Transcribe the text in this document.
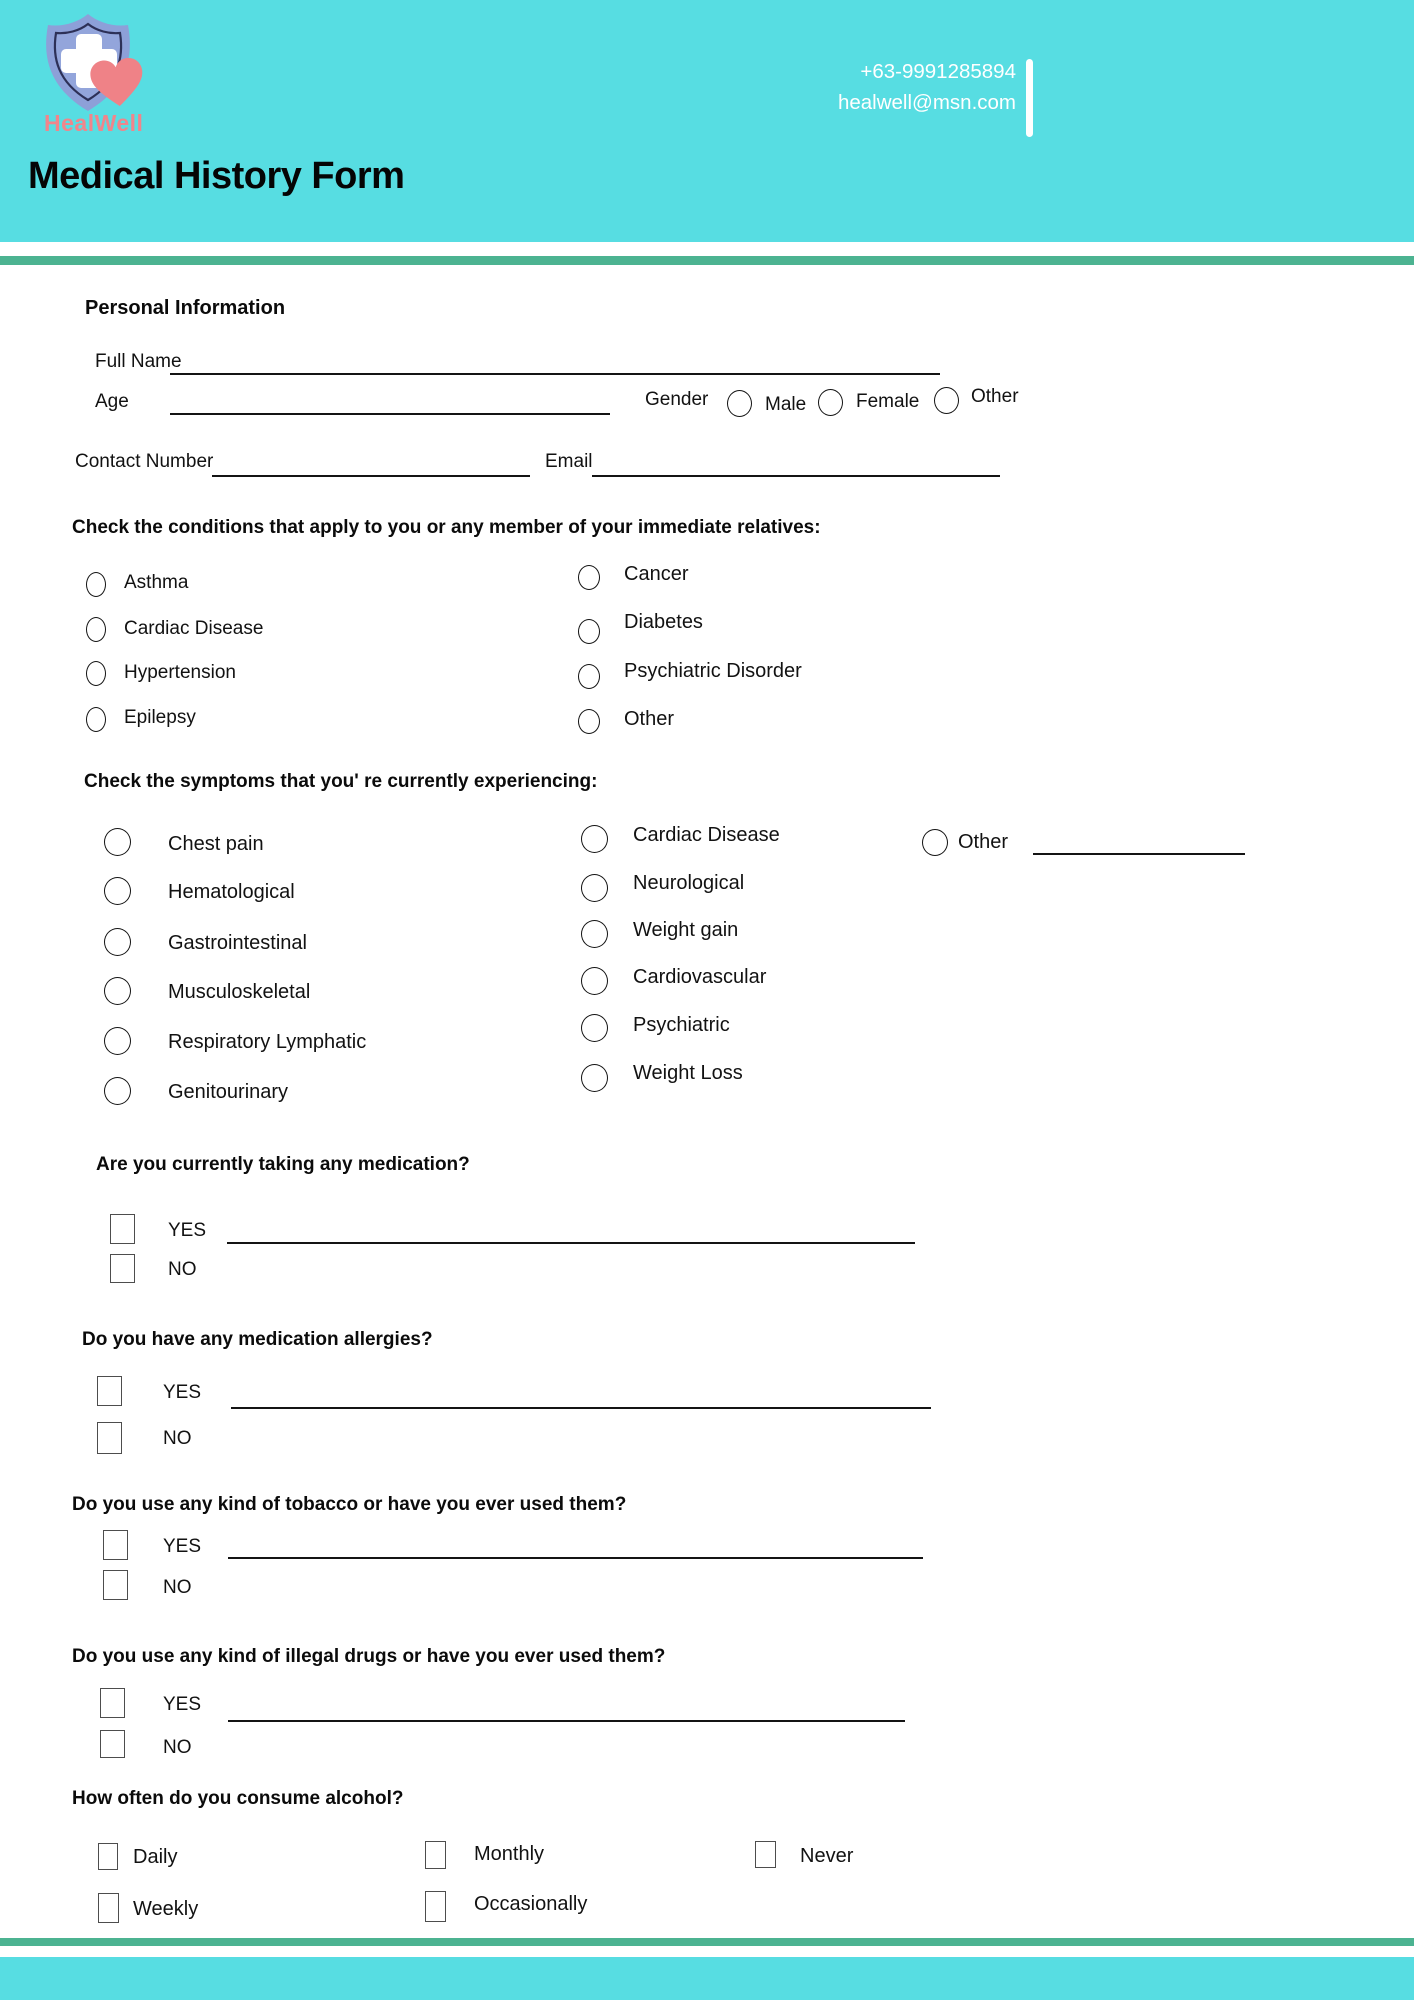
HealWell
+63-9991285894
healwell@msn.com
Medical History Form
Personal Information
Full Name
Age	Gender	Male	Female	Other
Contact Number	Email
Check the conditions that apply to you or any member of your immediate relatives:
Asthma
Cardiac Disease
Hypertension
Epilepsy
Cancer
Diabetes
Psychiatric Disorder
Other
Check the symptoms that you' re currently experiencing:
Chest pain
Hematological
Gastrointestinal
Musculoskeletal
Respiratory Lymphatic
Genitourinary
Cardiac Disease
Neurological
Weight gain
Cardiovascular
Psychiatric
Weight Loss
Other
Are you currently taking any medication?
YES
NO
Do you have any medication allergies?
YES
NO
Do you use any kind of tobacco or have you ever used them?
YES
NO
Do you use any kind of illegal drugs or have you ever used them?
YES
NO
How often do you consume alcohol?
Daily	Monthly	Never
Weekly	Occasionally
